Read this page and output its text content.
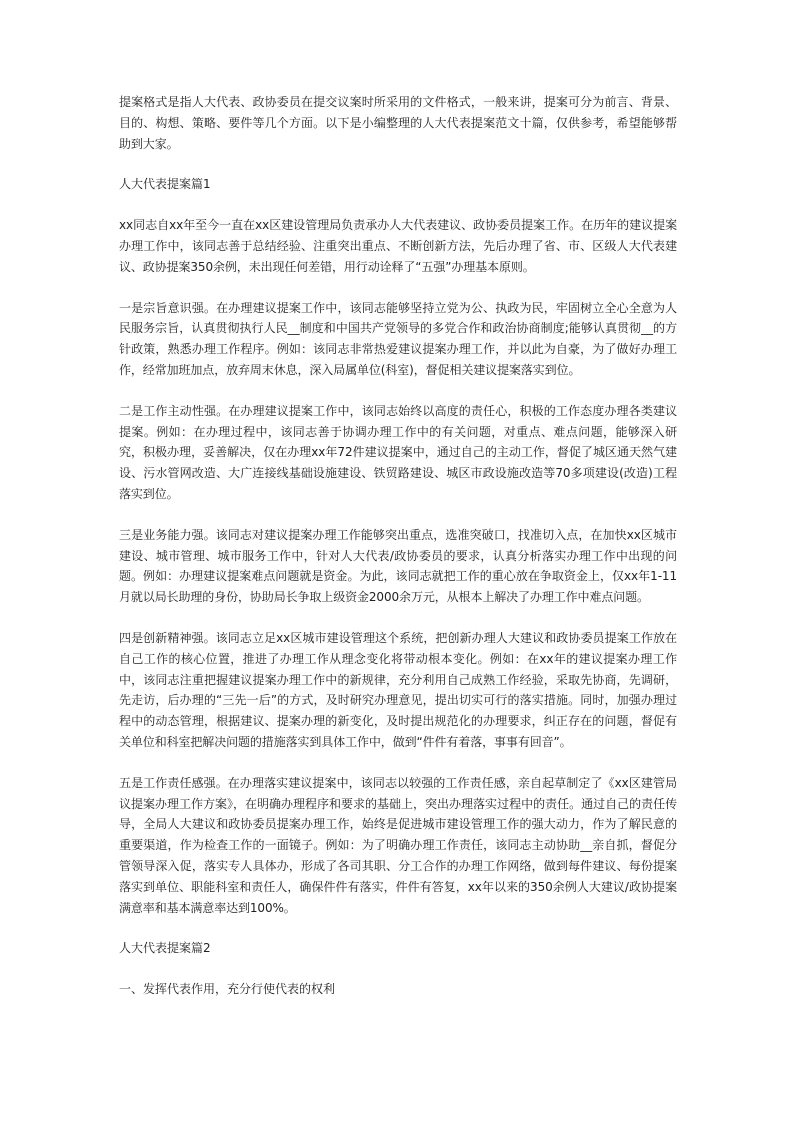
提案格式是指人大代表、政协委员在提交议案时所采用的文件格式，一般来讲，提案可分为前言、背景、目的、构想、策略、要件等几个方面。以下是小编整理的人大代表提案范文十篇，仅供参考，希望能够帮助到大家。

人大代表提案篇1

xx同志自xx年至今一直在xx区建设管理局负责承办人大代表建议、政协委员提案工作。在历年的建议提案办理工作中，该同志善于总结经验、注重突出重点、不断创新方法，先后办理了省、市、区级人大代表建议、政协提案350余例，未出现任何差错，用行动诠释了“五强”办理基本原则。

一是宗旨意识强。在办理建议提案工作中，该同志能够坚持立党为公、执政为民，牢固树立全心全意为人民服务宗旨，认真贯彻执行人民__制度和中国共产党领导的多党合作和政治协商制度;能够认真贯彻__的方针政策，熟悉办理工作程序。例如：该同志非常热爱建议提案办理工作，并以此为自豪，为了做好办理工作，经常加班加点，放弃周末休息，深入局属单位(科室)，督促相关建议提案落实到位。

二是工作主动性强。在办理建议提案工作中，该同志始终以高度的责任心，积极的工作态度办理各类建议提案。例如：在办理过程中，该同志善于协调办理工作中的有关问题，对重点、难点问题，能够深入研究，积极办理，妥善解决，仅在办理xx年72件建议提案中，通过自己的主动工作，督促了城区通天然气建设、污水管网改造、大广连接线基础设施建设、铁贸路建设、城区市政设施改造等70多项建设(改造)工程落实到位。

三是业务能力强。该同志对建议提案办理工作能够突出重点，选准突破口，找准切入点，在加快xx区城市建设、城市管理、城市服务工作中，针对人大代表/政协委员的要求，认真分析落实办理工作中出现的问题。例如：办理建议提案难点问题就是资金。为此，该同志就把工作的重心放在争取资金上，仅xx年1-11月就以局长助理的身份，协助局长争取上级资金2000余万元，从根本上解决了办理工作中难点问题。

四是创新精神强。该同志立足xx区城市建设管理这个系统，把创新办理人大建议和政协委员提案工作放在自己工作的核心位置，推进了办理工作从理念变化将带动根本变化。例如：在xx年的建议提案办理工作中，该同志注重把握建议提案办理工作中的新规律，充分利用自己成熟工作经验，采取先协商，先调研，先走访，后办理的“三先一后”的方式，及时研究办理意见，提出切实可行的落实措施。同时，加强办理过程中的动态管理，根据建议、提案办理的新变化，及时提出规范化的办理要求，纠正存在的问题，督促有关单位和科室把解决问题的措施落实到具体工作中，做到“件件有着落，事事有回音”。

五是工作责任感强。在办理落实建议提案中，该同志以较强的工作责任感，亲自起草制定了《xx区建管局议提案办理工作方案》，在明确办理程序和要求的基础上，突出办理落实过程中的责任。通过自己的责任传导，全局人大建议和政协委员提案办理工作，始终是促进城市建设管理工作的强大动力，作为了解民意的重要渠道，作为检查工作的一面镜子。例如：为了明确办理工作责任，该同志主动协助__亲自抓，督促分管领导深入促，落实专人具体办，形成了各司其职、分工合作的办理工作网络，做到每件建议、每份提案落实到单位、职能科室和责任人，确保件件有落实，件件有答复，xx年以来的350余例人大建议/政协提案满意率和基本满意率达到100%。

人大代表提案篇2

一、发挥代表作用，充分行使代表的权利
